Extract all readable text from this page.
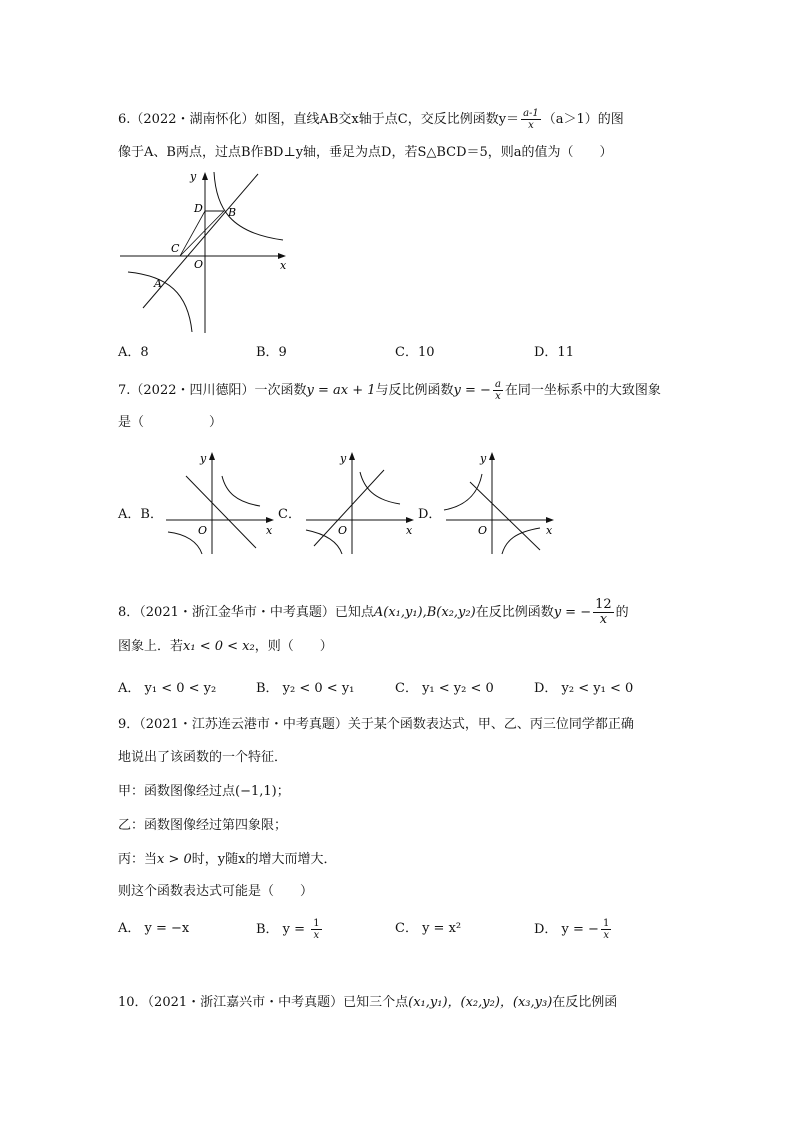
6.（2022・湖南怀化）如图，直线AB交x轴于点C，交反比例函数$y= \frac{a-1}{x} (a>1)$的图
像于A、B两点，过点B作BD⊥y轴，垂足为点D，若S△BCD＝5，则a的值为（　　）
y
x
D B
C
O
A
A．8	B．9	C．10	D．11
7.（2022・四川德阳）一次函数y = ax + 1与反比例函数y = − $\frac{a}{x}$ 在同一坐标系中的大致图象
是（　　　　　）
A．B．
y
x
O
C．
y
x
O
D．
y
x
O
8．（2021・浙江金华市・中考真题）已知点A(x₁,y₁),B(x₂,y₂)在反比例函数y = − $\frac{12}{x}$ 的
图象上．若x₁ < 0 < x₂，则（　　）
A． y₁ < 0 < y₂	B． y₂ < 0 < y₁	C． y₁ < y₂ < 0	D． y₂ < y₁ < 0
9．（2021・江苏连云港市・中考真题）关于某个函数表达式，甲、乙、丙三位同学都正确
地说出了该函数的一个特征．
甲：函数图像经过点(−1,1)；
乙：函数图像经过第四象限；
丙：当x > 0时，y随x的增大而增大．
则这个函数表达式可能是（　　）
A． y = −x	B． $y = \frac{1}{x}$	C． y = x²	D． y = − $\frac{1}{x}$
10．（2021・浙江嘉兴市・中考真题）已知三个点(x₁,y₁)，(x₂,y₂)，(x₃,y₃)在反比例函
